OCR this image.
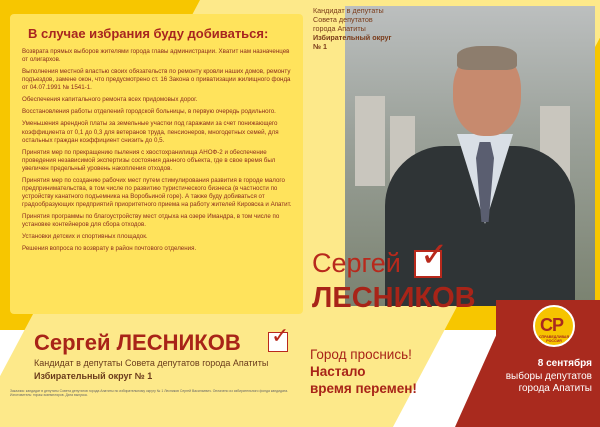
В случае избрания буду добиваться:

Возврата прямых выборов жителями города главы администрации. Хватит нам назначенцев от олигархов.

Выполнения местной властью своих обязательств по ремонту кровли наших домов, ремонту подъездов, замене окон, что предусмотрено ст. 16 Закона о приватизации жилищного фонда от 04.07.1991 № 1541-1.

Обеспечения капитального ремонта всех придомовых дорог.

Восстановления работы отделений городской больницы, в первую очередь родильного.

Уменьшения арендной платы за земельные участки под гаражами за счет понижающего коэффициента от 0,1 до 0,3 для ветеранов труда, пенсионеров, многодетных семей, для остальных граждан коэффициент снизить до 0,5.

Принятия мер по прекращению пыления с хвостохранилища АНОФ-2 и обеспечение проведения независимой экспертизы состояния данного объекта, где в свое время был увеличен предельный уровень накопления отходов.

Принятия мер по созданию рабочих мест путем стимулирования развития в городе малого предпринимательства, в том числе по развитию туристического бизнеса (в частности по устройству канатного подъемника на Воробьиной горе). А также буду добиваться от градообразующих предприятий приоритетного приема на работу жителей Кировска и Апатит.

Принятия программы по благоустройству мест отдыха на озере Имандра, в том числе по установке контейнеров для сбора отходов.

Установки детских и спортивных площадок.

Решения вопроса по возврату в район почтового отделения.

Кандидат в депутаты
Совета депутатов
города Апатиты
Избирательный округ № 1
Сергей ✓
ЛЕСНИКОВ
Сергей ЛЕСНИКОВ ✓
Кандидат в депутаты Совета депутатов города Апатиты
Избирательный округ № 1
Заказчик: кандидат в депутаты Совета депутатов города Апатиты по избирательному округу № 1 Лесников Сергей Васильевич. Оплачено из избирательного фонда кандидата. Изготовитель: тираж экземпляров. Дата выпуска.
Город проснись!
Настало
время перемен!
СР
СПРАВЕДЛИВАЯ РОССИЯ
8 сентября
выборы депутатов
города Апатиты
